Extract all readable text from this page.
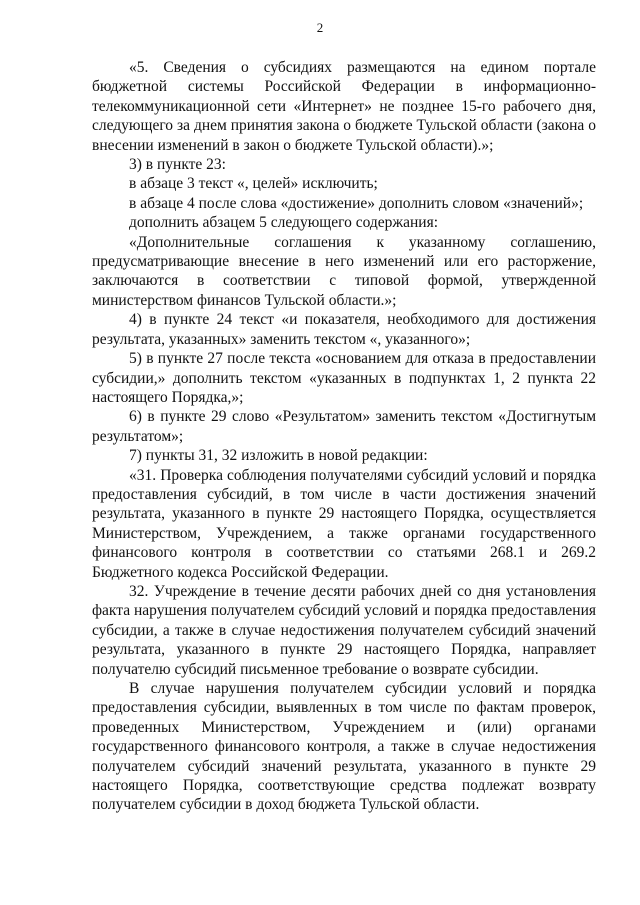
2

«5. Сведения о субсидиях размещаются на едином портале бюджетной системы Российской Федерации в информационно-телекоммуникационной сети «Интернет» не позднее 15-го рабочего дня, следующего за днем принятия закона о бюджете Тульской области (закона о внесении изменений в закон о бюджете Тульской области).»;

3) в пункте 23:

в абзаце 3 текст «, целей» исключить;

в абзаце 4 после слова «достижение» дополнить словом «значений»;

дополнить абзацем 5 следующего содержания:

«Дополнительные соглашения к указанному соглашению, предусматривающие внесение в него изменений или его расторжение, заключаются в соответствии с типовой формой, утвержденной министерством финансов Тульской области.»;

4) в пункте 24 текст «и показателя, необходимого для достижения результата, указанных» заменить текстом «, указанного»;

5) в пункте 27 после текста «основанием для отказа в предоставлении субсидии,» дополнить текстом «указанных в подпунктах 1, 2 пункта 22 настоящего Порядка,»;

6) в пункте 29 слово «Результатом» заменить текстом «Достигнутым результатом»;

7) пункты 31, 32 изложить в новой редакции:

«31. Проверка соблюдения получателями субсидий условий и порядка предоставления субсидий, в том числе в части достижения значений результата, указанного в пункте 29 настоящего Порядка, осуществляется Министерством, Учреждением, а также органами государственного финансового контроля в соответствии со статьями 268.1 и 269.2 Бюджетного кодекса Российской Федерации.

32. Учреждение в течение десяти рабочих дней со дня установления факта нарушения получателем субсидий условий и порядка предоставления субсидии, а также в случае недостижения получателем субсидий значений результата, указанного в пункте 29 настоящего Порядка, направляет получателю субсидий письменное требование о возврате субсидии.

В случае нарушения получателем субсидии условий и порядка предоставления субсидии, выявленных в том числе по фактам проверок, проведенных Министерством, Учреждением и (или) органами государственного финансового контроля, а также в случае недостижения получателем субсидий значений результата, указанного в пункте 29 настоящего Порядка, соответствующие средства подлежат возврату получателем субсидии в доход бюджета Тульской области.
